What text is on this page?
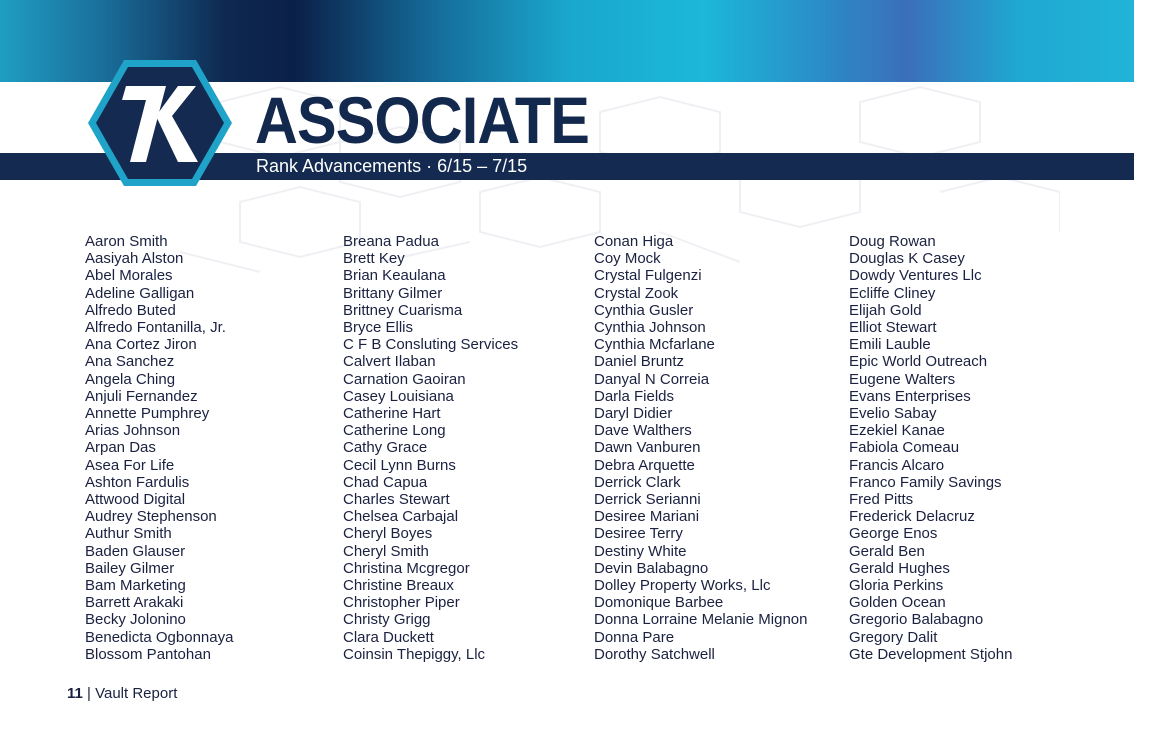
ASSOCIATE
Rank Advancements · 6/15 – 7/15
Aaron Smith
Aasiyah Alston
Abel Morales
Adeline Galligan
Alfredo Buted
Alfredo Fontanilla, Jr.
Ana Cortez Jiron
Ana Sanchez
Angela Ching
Anjuli Fernandez
Annette Pumphrey
Arias Johnson
Arpan Das
Asea For Life
Ashton Fardulis
Attwood Digital
Audrey Stephenson
Authur Smith
Baden Glauser
Bailey Gilmer
Bam Marketing
Barrett Arakaki
Becky Jolonino
Benedicta Ogbonnaya
Blossom Pantohan
Breana Padua
Brett Key
Brian Keaulana
Brittany Gilmer
Brittney Cuarisma
Bryce Ellis
C F B Consluting Services
Calvert Ilaban
Carnation Gaoiran
Casey Louisiana
Catherine Hart
Catherine Long
Cathy Grace
Cecil Lynn Burns
Chad Capua
Charles Stewart
Chelsea Carbajal
Cheryl Boyes
Cheryl Smith
Christina Mcgregor
Christine Breaux
Christopher Piper
Christy Grigg
Clara Duckett
Coinsin Thepiggy, Llc
Conan Higa
Coy Mock
Crystal Fulgenzi
Crystal Zook
Cynthia Gusler
Cynthia Johnson
Cynthia Mcfarlane
Daniel Bruntz
Danyal N Correia
Darla Fields
Daryl Didier
Dave Walthers
Dawn Vanburen
Debra Arquette
Derrick Clark
Derrick Serianni
Desiree Mariani
Desiree Terry
Destiny White
Devin Balabagno
Dolley Property Works, Llc
Domonique Barbee
Donna Lorraine Melanie Mignon
Donna Pare
Dorothy Satchwell
Doug Rowan
Douglas K Casey
Dowdy Ventures Llc
Ecliffe Cliney
Elijah Gold
Elliot Stewart
Emili Lauble
Epic World Outreach
Eugene Walters
Evans Enterprises
Evelio Sabay
Ezekiel Kanae
Fabiola Comeau
Francis Alcaro
Franco Family Savings
Fred Pitts
Frederick Delacruz
George Enos
Gerald Ben
Gerald Hughes
Gloria Perkins
Golden Ocean
Gregorio Balabagno
Gregory Dalit
Gte Development Stjohn
11 | Vault Report
